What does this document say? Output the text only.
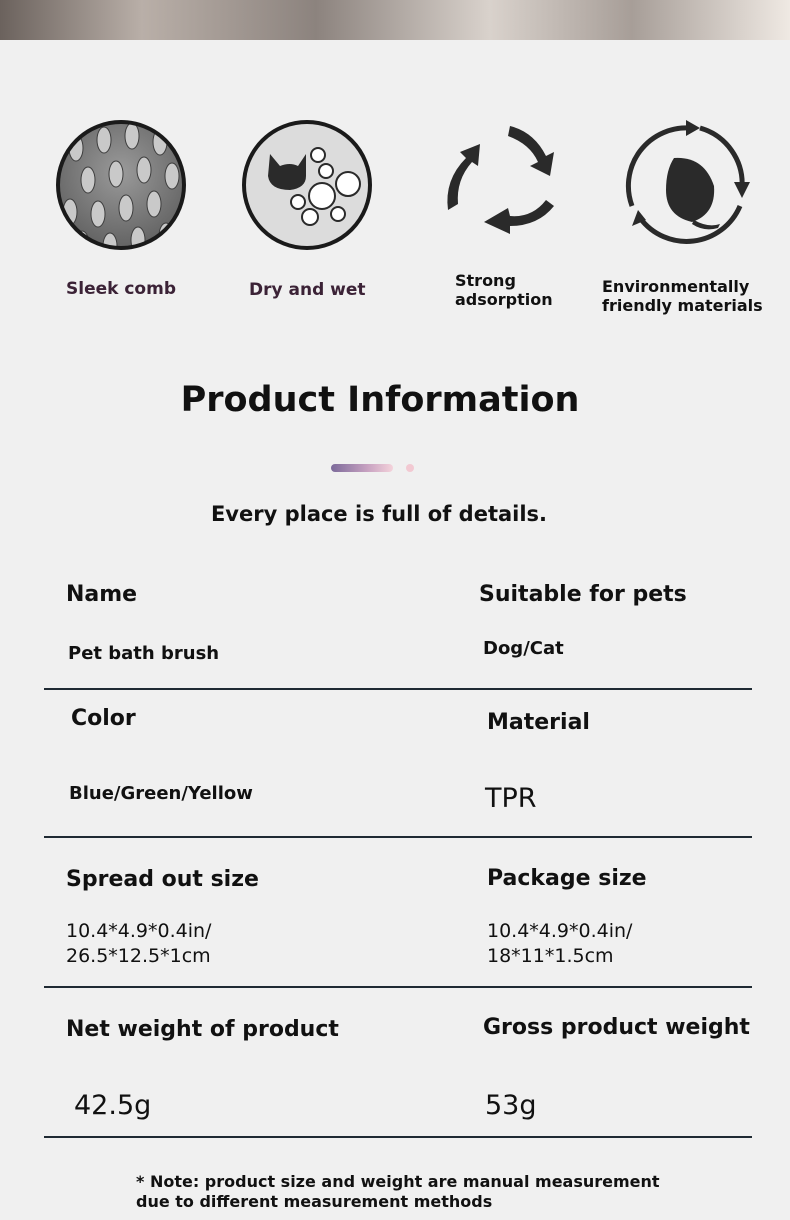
Sleek comb	Dry and wet	Strong
adsorption
Environmentally
friendly materials
Product Information
Every place is full of details.
Name
Pet bath brush
Suitable for pets
Dog/Cat
Color
Blue/Green/Yellow
Material
TPR
Spread out size
10.4*4.9*0.4in/
26.5*12.5*1cm
Package size
10.4*4.9*0.4in/
18*11*1.5cm
Net weight of product
42.5g
Gross product weight
53g
* Note: product size and weight are manual measurement
due to different measurement methods
